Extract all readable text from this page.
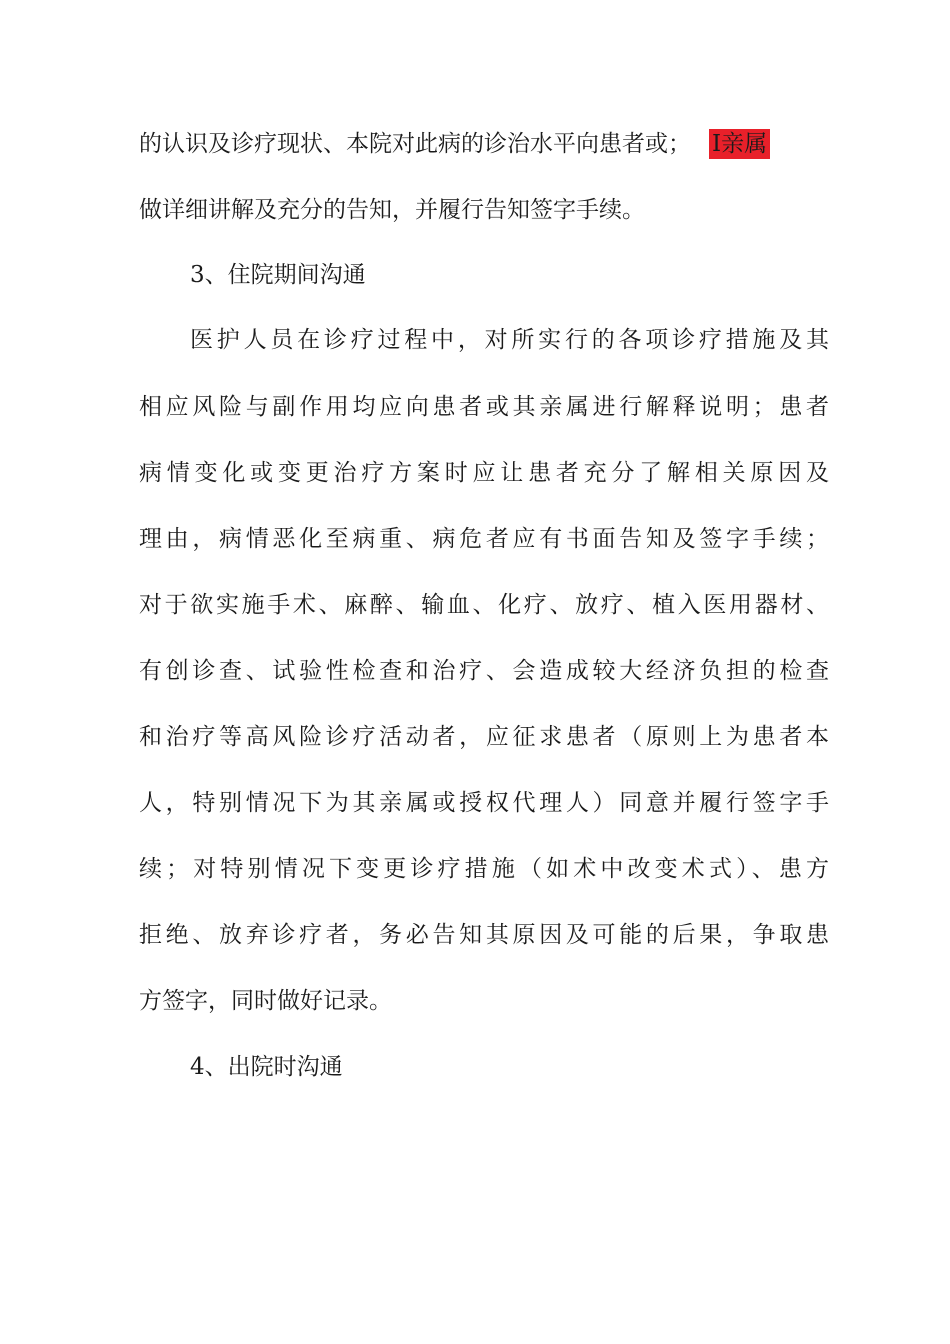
的认识及诊疗现状、本院对此病的诊治水平向患者或； I亲属
做详细讲解及充分的告知，并履行告知签字手续。
3、住院期间沟通
医护人员在诊疗过程中，对所实行的各项诊疗措施及其
相应风险与副作用均应向患者或其亲属进行解释说明；患者
病情变化或变更治疗方案时应让患者充分了解相关原因及
理由，病情恶化至病重、病危者应有书面告知及签字手续；
对于欲实施手术、麻醉、输血、化疗、放疗、植入医用器材、
有创诊查、试验性检查和治疗、会造成较大经济负担的检查
和治疗等高风险诊疗活动者，应征求患者（原则上为患者本
人，特别情况下为其亲属或授权代理人）同意并履行签字手
续；对特别情况下变更诊疗措施（如术中改变术式）、患方
拒绝、放弃诊疗者，务必告知其原因及可能的后果，争取患
方签字，同时做好记录。
4、出院时沟通
